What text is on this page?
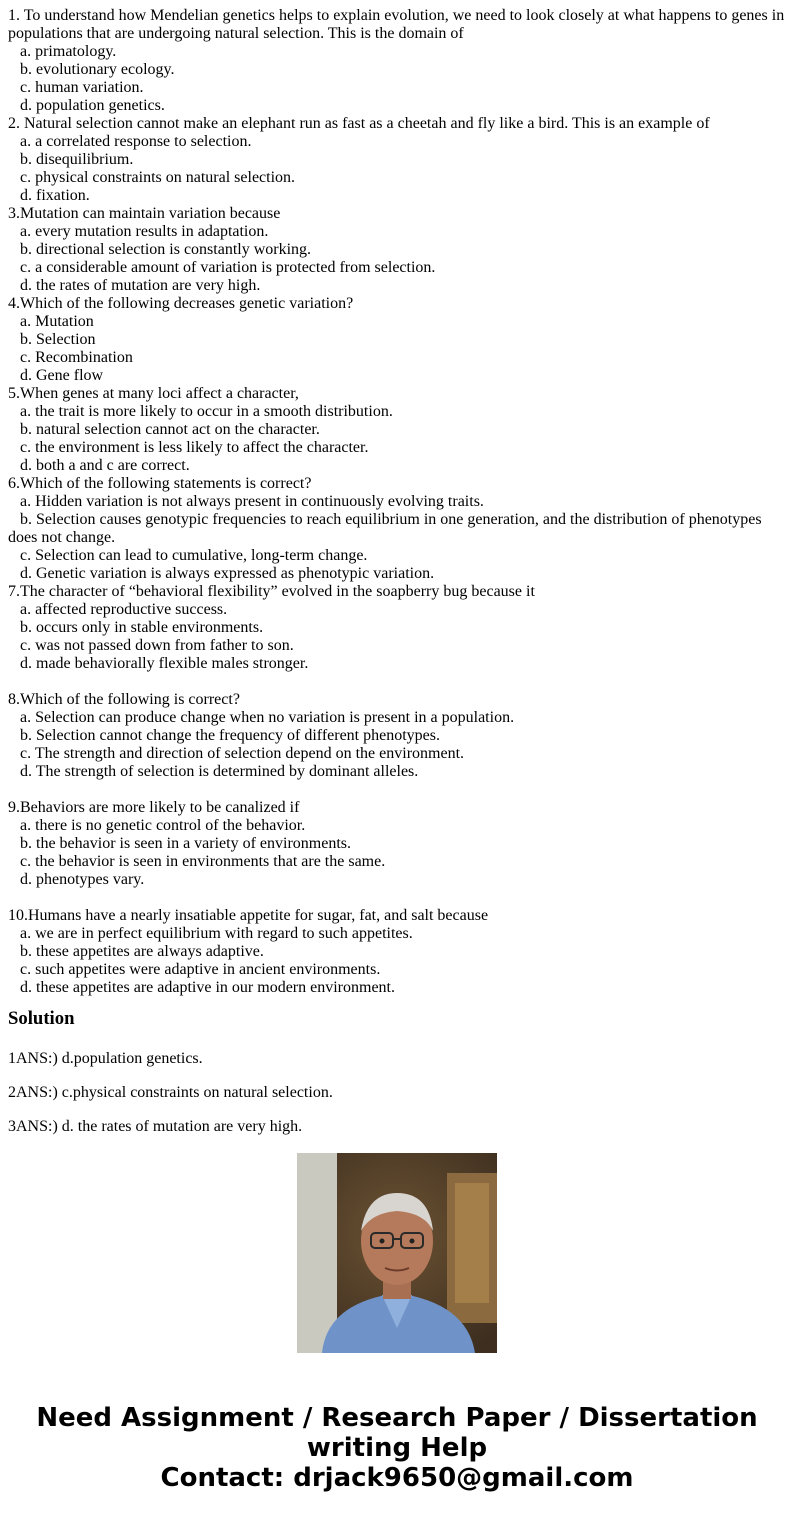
1. To understand how Mendelian genetics helps to explain evolution, we need to look closely at what happens to genes in populations that are undergoing natural selection. This is the domain of
a. primatology.
b. evolutionary ecology.
c. human variation.
d. population genetics.
2. Natural selection cannot make an elephant run as fast as a cheetah and fly like a bird. This is an example of
a. a correlated response to selection.
b. disequilibrium.
c. physical constraints on natural selection.
d. fixation.
3.Mutation can maintain variation because
a. every mutation results in adaptation.
b. directional selection is constantly working.
c. a considerable amount of variation is protected from selection.
d. the rates of mutation are very high.
4.Which of the following decreases genetic variation?
a. Mutation
b. Selection
c. Recombination
d. Gene flow
5.When genes at many loci affect a character,
a. the trait is more likely to occur in a smooth distribution.
b. natural selection cannot act on the character.
c. the environment is less likely to affect the character.
d. both a and c are correct.
6.Which of the following statements is correct?
a. Hidden variation is not always present in continuously evolving traits.
b. Selection causes genotypic frequencies to reach equilibrium in one generation, and the distribution of phenotypes does not change.
c. Selection can lead to cumulative, long-term change.
d. Genetic variation is always expressed as phenotypic variation.
7.The character of “behavioral flexibility” evolved in the soapberry bug because it
a. affected reproductive success.
b. occurs only in stable environments.
c. was not passed down from father to son.
d. made behaviorally flexible males stronger.
8.Which of the following is correct?
a. Selection can produce change when no variation is present in a population.
b. Selection cannot change the frequency of different phenotypes.
c. The strength and direction of selection depend on the environment.
d. The strength of selection is determined by dominant alleles.
9.Behaviors are more likely to be canalized if
a. there is no genetic control of the behavior.
b. the behavior is seen in a variety of environments.
c. the behavior is seen in environments that are the same.
d. phenotypes vary.
10.Humans have a nearly insatiable appetite for sugar, fat, and salt because
a. we are in perfect equilibrium with regard to such appetites.
b. these appetites are always adaptive.
c. such appetites were adaptive in ancient environments.
d. these appetites are adaptive in our modern environment.
Solution
1ANS:) d.population genetics.
2ANS:) c.physical constraints on natural selection.
3ANS:) d. the rates of mutation are very high.
Need Assignment / Research Paper / Dissertation
writing Help
Contact: drjack9650@gmail.com
